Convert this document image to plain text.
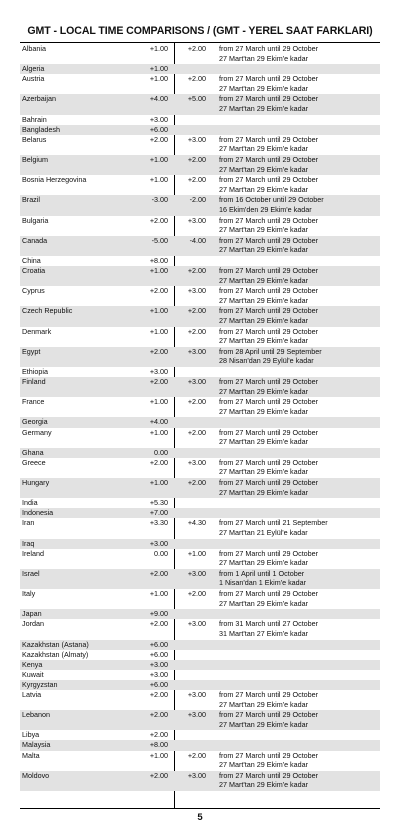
GMT - LOCAL TIME COMPARISONS / (GMT - YEREL SAAT FARKLARI)
Albania	+1.00	+2.00 from 27 March until 29 October
27 Mart'tan 29 Ekim'e kadar
Algeria	+1.00
Austria	+1.00	+2.00 from 27 March until 29 October
27 Mart'tan 29 Ekim'e kadar
Azerbaijan	+4.00	+5.00 from 27 March until 29 October
27 Mart'tan 29 Ekim'e kadar
Bahrain	+3.00
Bangladesh	+6.00
Belarus	+2.00	+3.00 from 27 March until 29 October
27 Mart'tan 29 Ekim'e kadar
Belgium	+1.00	+2.00 from 27 March until 29 October
27 Mart'tan 29 Ekim'e kadar
Bosnia Herzegovina	+1.00	+2.00 from 27 March until 29 October
27 Mart'tan 29 Ekim'e kadar
Brazil	-3.00	-2.00 from 16 October until 29 October
16 Ekim'den 29 Ekim'e kadar
Bulgaria	+2.00	+3.00 from 27 March until 29 October
27 Mart'tan 29 Ekim'e kadar
Canada	-5.00	-4.00 from 27 March until 29 October
27 Mart'tan 29 Ekim'e kadar
China	+8.00
Croatia	+1.00	+2.00 from 27 March until 29 October
27 Mart'tan 29 Ekim'e kadar
Cyprus	+2.00	+3.00 from 27 March until 29 October
27 Mart'tan 29 Ekim'e kadar
Czech Republic	+1.00	+2.00 from 27 March until 29 October
27 Mart'tan 29 Ekim'e kadar
Denmark	+1.00	+2.00 from 27 March until 29 October
27 Mart'tan 29 Ekim'e kadar
Egypt	+2.00	+3.00 from 28 April until 29 September
28 Nisan'dan 29 Eylül'e kadar
Ethiopia	+3.00
Finland	+2.00	+3.00 from 27 March until 29 October
27 Mart'tan 29 Ekim'e kadar
France	+1.00	+2.00 from 27 March until 29 October
27 Mart'tan 29 Ekim'e kadar
Georgia	+4.00
Germany	+1.00	+2.00 from 27 March until 29 October
27 Mart'tan 29 Ekim'e kadar
Ghana	0.00
Greece	+2.00	+3.00 from 27 March until 29 October
27 Mart'tan 29 Ekim'e kadar
Hungary	+1.00	+2.00 from 27 March until 29 October
27 Mart'tan 29 Ekim'e kadar
India	+5.30
Indonesia	+7.00
Iran	+3.30	+4.30 from 27 March until 21 September
27 Mart'tan 21 Eylül'e kadar
Iraq	+3.00
Ireland	0.00	+1.00 from 27 March until 29 October
27 Mart'tan 29 Ekim'e kadar
Israel	+2.00	+3.00 from 1 April until 1 October
1 Nisan'dan 1 Ekim'e kadar
Italy	+1.00	+2.00 from 27 March until 29 October
27 Mart'tan 29 Ekim'e kadar
Japan	+9.00
Jordan	+2.00	+3.00 from 31 March until 27 October
31 Mart'tan 27 Ekim'e kadar
Kazakhstan (Astana)	+6.00
Kazakhstan (Almaty)	+6.00
Kenya	+3.00
Kuwait	+3.00
Kyrgyzstan	+6.00
Latvia	+2.00	+3.00 from 27 March until 29 October
27 Mart'tan 29 Ekim'e kadar
Lebanon	+2.00	+3.00 from 27 March until 29 October
27 Mart'tan 29 Ekim'e kadar
Libya	+2.00
Malaysia	+8.00
Malta	+1.00	+2.00 from 27 March until 29 October
27 Mart'tan 29 Ekim'e kadar
Moldovo	+2.00	+3.00 from 27 March until 29 October
27 Mart'tan 29 Ekim'e kadar
5
